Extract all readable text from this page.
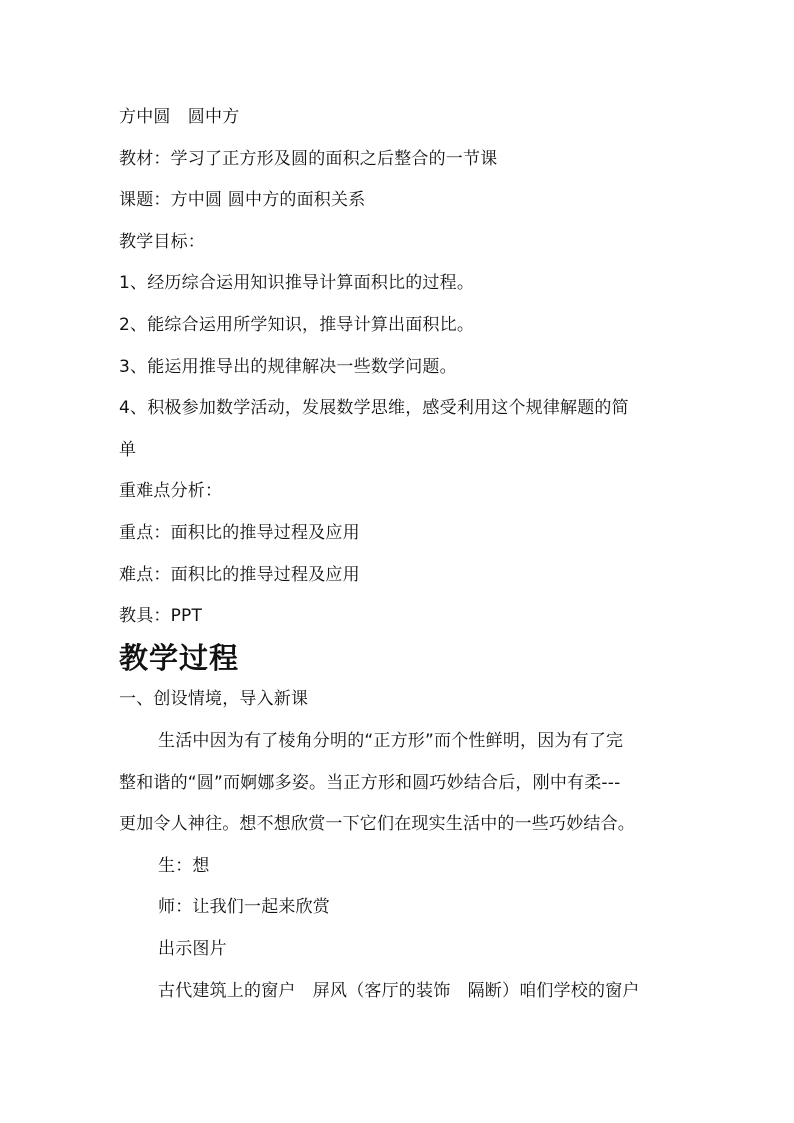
方中圆　圆中方
教材：学习了正方形及圆的面积之后整合的一节课
课题：方中圆 圆中方的面积关系
教学目标：
1、经历综合运用知识推导计算面积比的过程。
2、能综合运用所学知识，推导计算出面积比。
3、能运用推导出的规律解决一些数学问题。
4、积极参加数学活动，发展数学思维，感受利用这个规律解题的简
单
重难点分析：
重点：面积比的推导过程及应用
难点：面积比的推导过程及应用
教具：PPT
教学过程
一、创设情境，导入新课
生活中因为有了棱角分明的“正方形”而个性鲜明，因为有了完
整和谐的“圆”而婀娜多姿。当正方形和圆巧妙结合后，刚中有柔---
更加令人神往。想不想欣赏一下它们在现实生活中的一些巧妙结合。
生：想
师：让我们一起来欣赏
出示图片
古代建筑上的窗户　屏风（客厅的装饰　隔断）咱们学校的窗户
